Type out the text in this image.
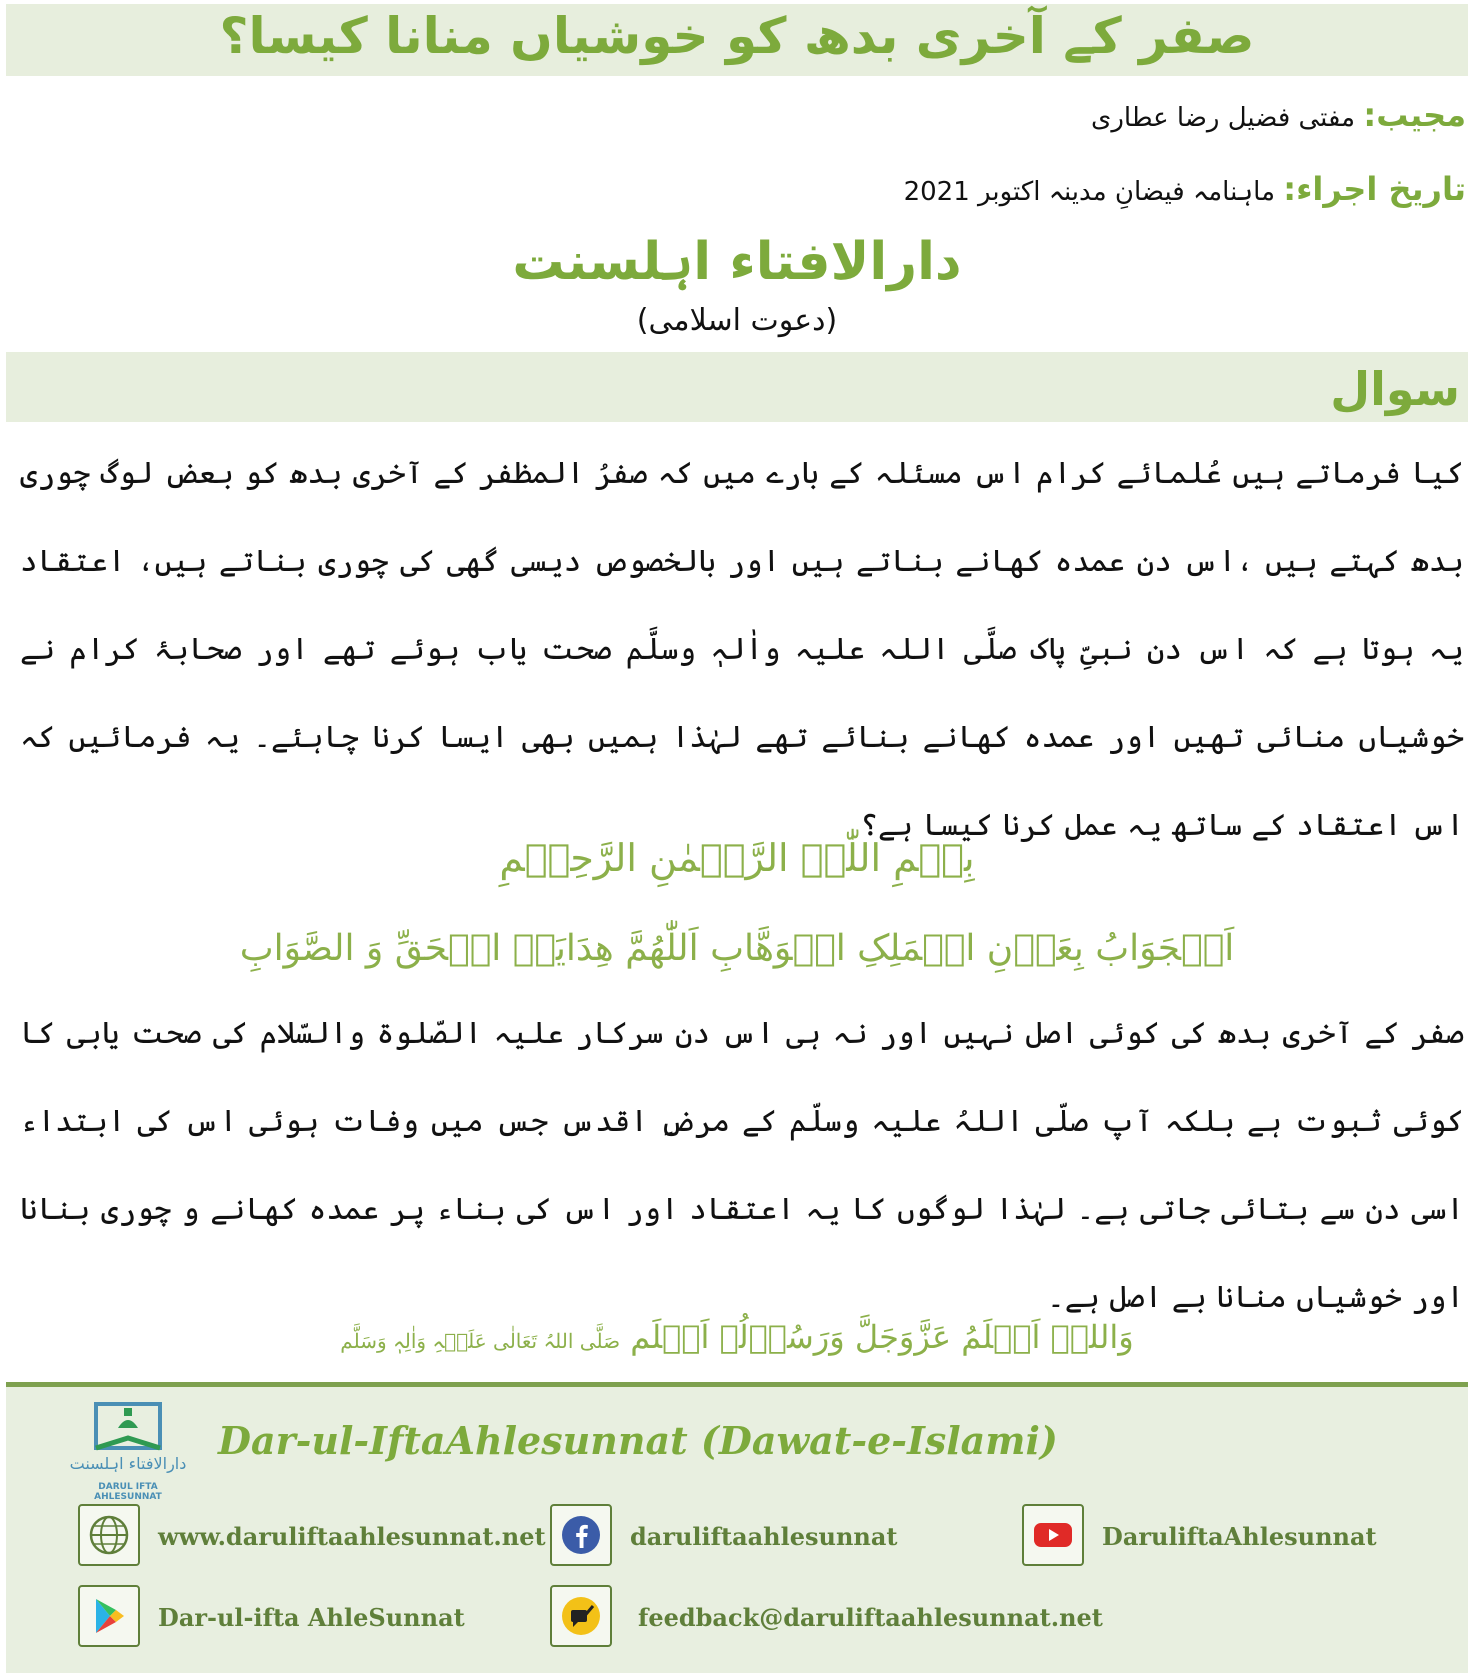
صفر کے آخری بدھ کو خوشیاں منانا کیسا؟
مجیب: مفتی فضیل رضا عطاری
تاریخ اجراء: ماہنامہ فیضانِ مدینہ اکتوبر 2021
دارالافتاء اہلسنت
(دعوت اسلامی)
سوال
کیا فرماتے ہیں عُلمائے کرام اس مسئلہ کے بارے میں کہ صفرُ المظفر کے آخری بدھ کو بعض لوگ چوری بدھ کہتے ہیں ،اس دن عمدہ کھانے بناتے ہیں اور بالخصوص دیسی گھی کی چوری بناتے ہیں، اعتقاد یہ ہوتا ہے کہ اس دن نبیِّ پاک صلَّی اللہ علیہ واٰلہٖ وسلَّم صحت یاب ہوئے تھے اور صحابۂ کرام نے خوشیاں منائی تھیں اور عمدہ کھانے بنائے تھے لہٰذا ہمیں بھی ایسا کرنا چاہئے۔ یہ فرمائیں کہ اس اعتقاد کے ساتھ یہ عمل کرنا کیسا ہے؟
بِسۡمِ اللّٰہِ الرَّحۡمٰنِ الرَّحِیۡمِ
اَلۡجَوَابُ بِعَوۡنِ الۡمَلِکِ الۡوَھَّابِ اَللّٰھُمَّ ھِدَایَۃَ الۡحَقِّ وَ الصَّوَابِ
صفر کے آخری بدھ کی کوئی اصل نہیں اور نہ ہی اس دن سرکار علیہ الصّلوۃ والسّلام کی صحت یابی کا کوئی ثبوت ہے بلکہ آپ صلّی اللہُ علیہ وسلّم کے مرضِ اقدس جس میں وفات ہوئی اس کی ابتداء اسی دن سے بتائی جاتی ہے۔ لہٰذا لوگوں کا یہ اعتقاد اور اس کی بناء پر عمدہ کھانے و چوری بنانا اور خوشیاں منانا بے اصل ہے۔
وَاللہُ اَعۡلَمُ عَزَّوَجَلَّ وَرَسُوۡلُہ اَعۡلَم صَلَّی اللہُ تَعَالٰی عَلَیۡہِ وَاٰلِہٖ وَسَلَّم
دارالافتاء اہلسنت
DARUL IFTA AHLESUNNAT
Dar-ul-IftaAhlesunnat (Dawat-e-Islami)
www.daruliftaahlesunnat.net	daruliftaahlesunnat	DaruliftaAhlesunnat
Dar-ul-ifta AhleSunnat	feedback@daruliftaahlesunnat.net
